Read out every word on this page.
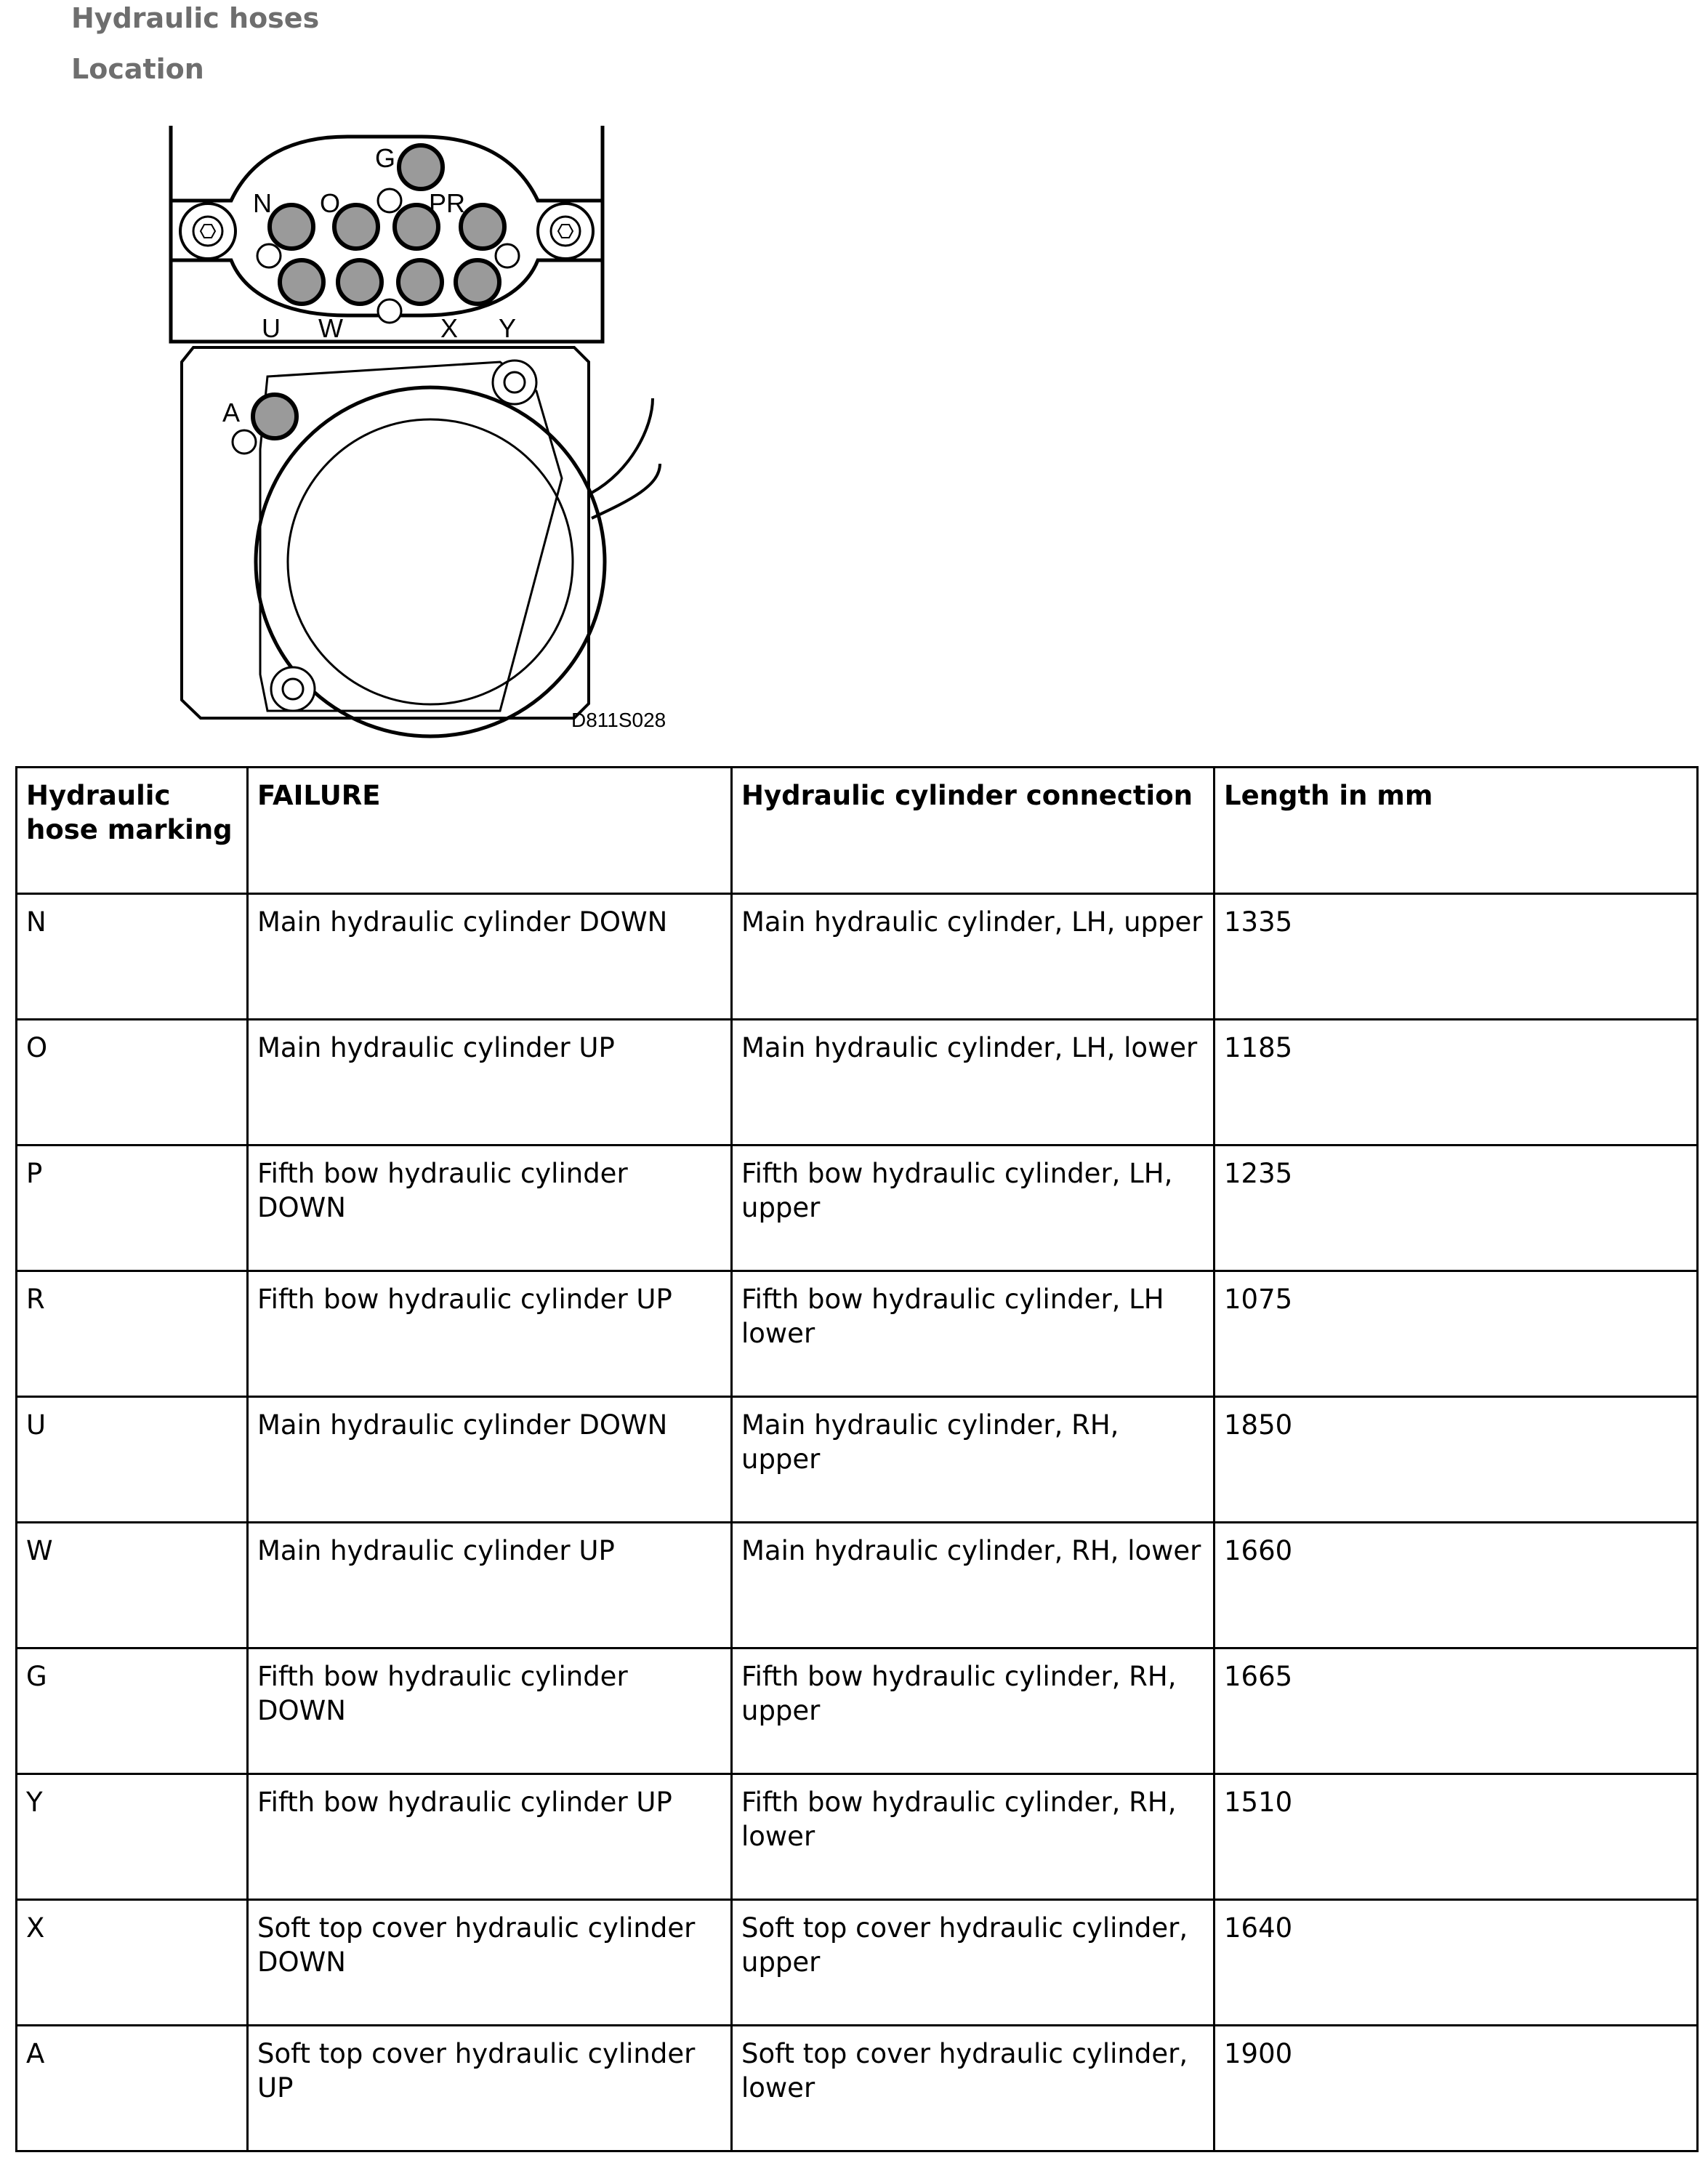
Hydraulic hoses
Location
G
N O	PR
U W	X Y
A
D811S028
Hydraulic hose marking	FAILURE	Hydraulic cylinder connection	Length in mm
N	Main hydraulic cylinder DOWN	Main hydraulic cylinder, LH, upper	1335
O	Main hydraulic cylinder UP	Main hydraulic cylinder, LH, lower	1185
P	Fifth bow hydraulic cylinder DOWN	Fifth bow hydraulic cylinder, LH, upper	1235
R	Fifth bow hydraulic cylinder UP	Fifth bow hydraulic cylinder, LH lower	1075
U	Main hydraulic cylinder DOWN	Main hydraulic cylinder, RH, upper	1850
W	Main hydraulic cylinder UP	Main hydraulic cylinder, RH, lower	1660
G	Fifth bow hydraulic cylinder DOWN	Fifth bow hydraulic cylinder, RH, upper	1665
Y	Fifth bow hydraulic cylinder UP	Fifth bow hydraulic cylinder, RH, lower	1510
X	Soft top cover hydraulic cylinder DOWN	Soft top cover hydraulic cylinder, upper	1640
A	Soft top cover hydraulic cylinder UP	Soft top cover hydraulic cylinder, lower	1900
